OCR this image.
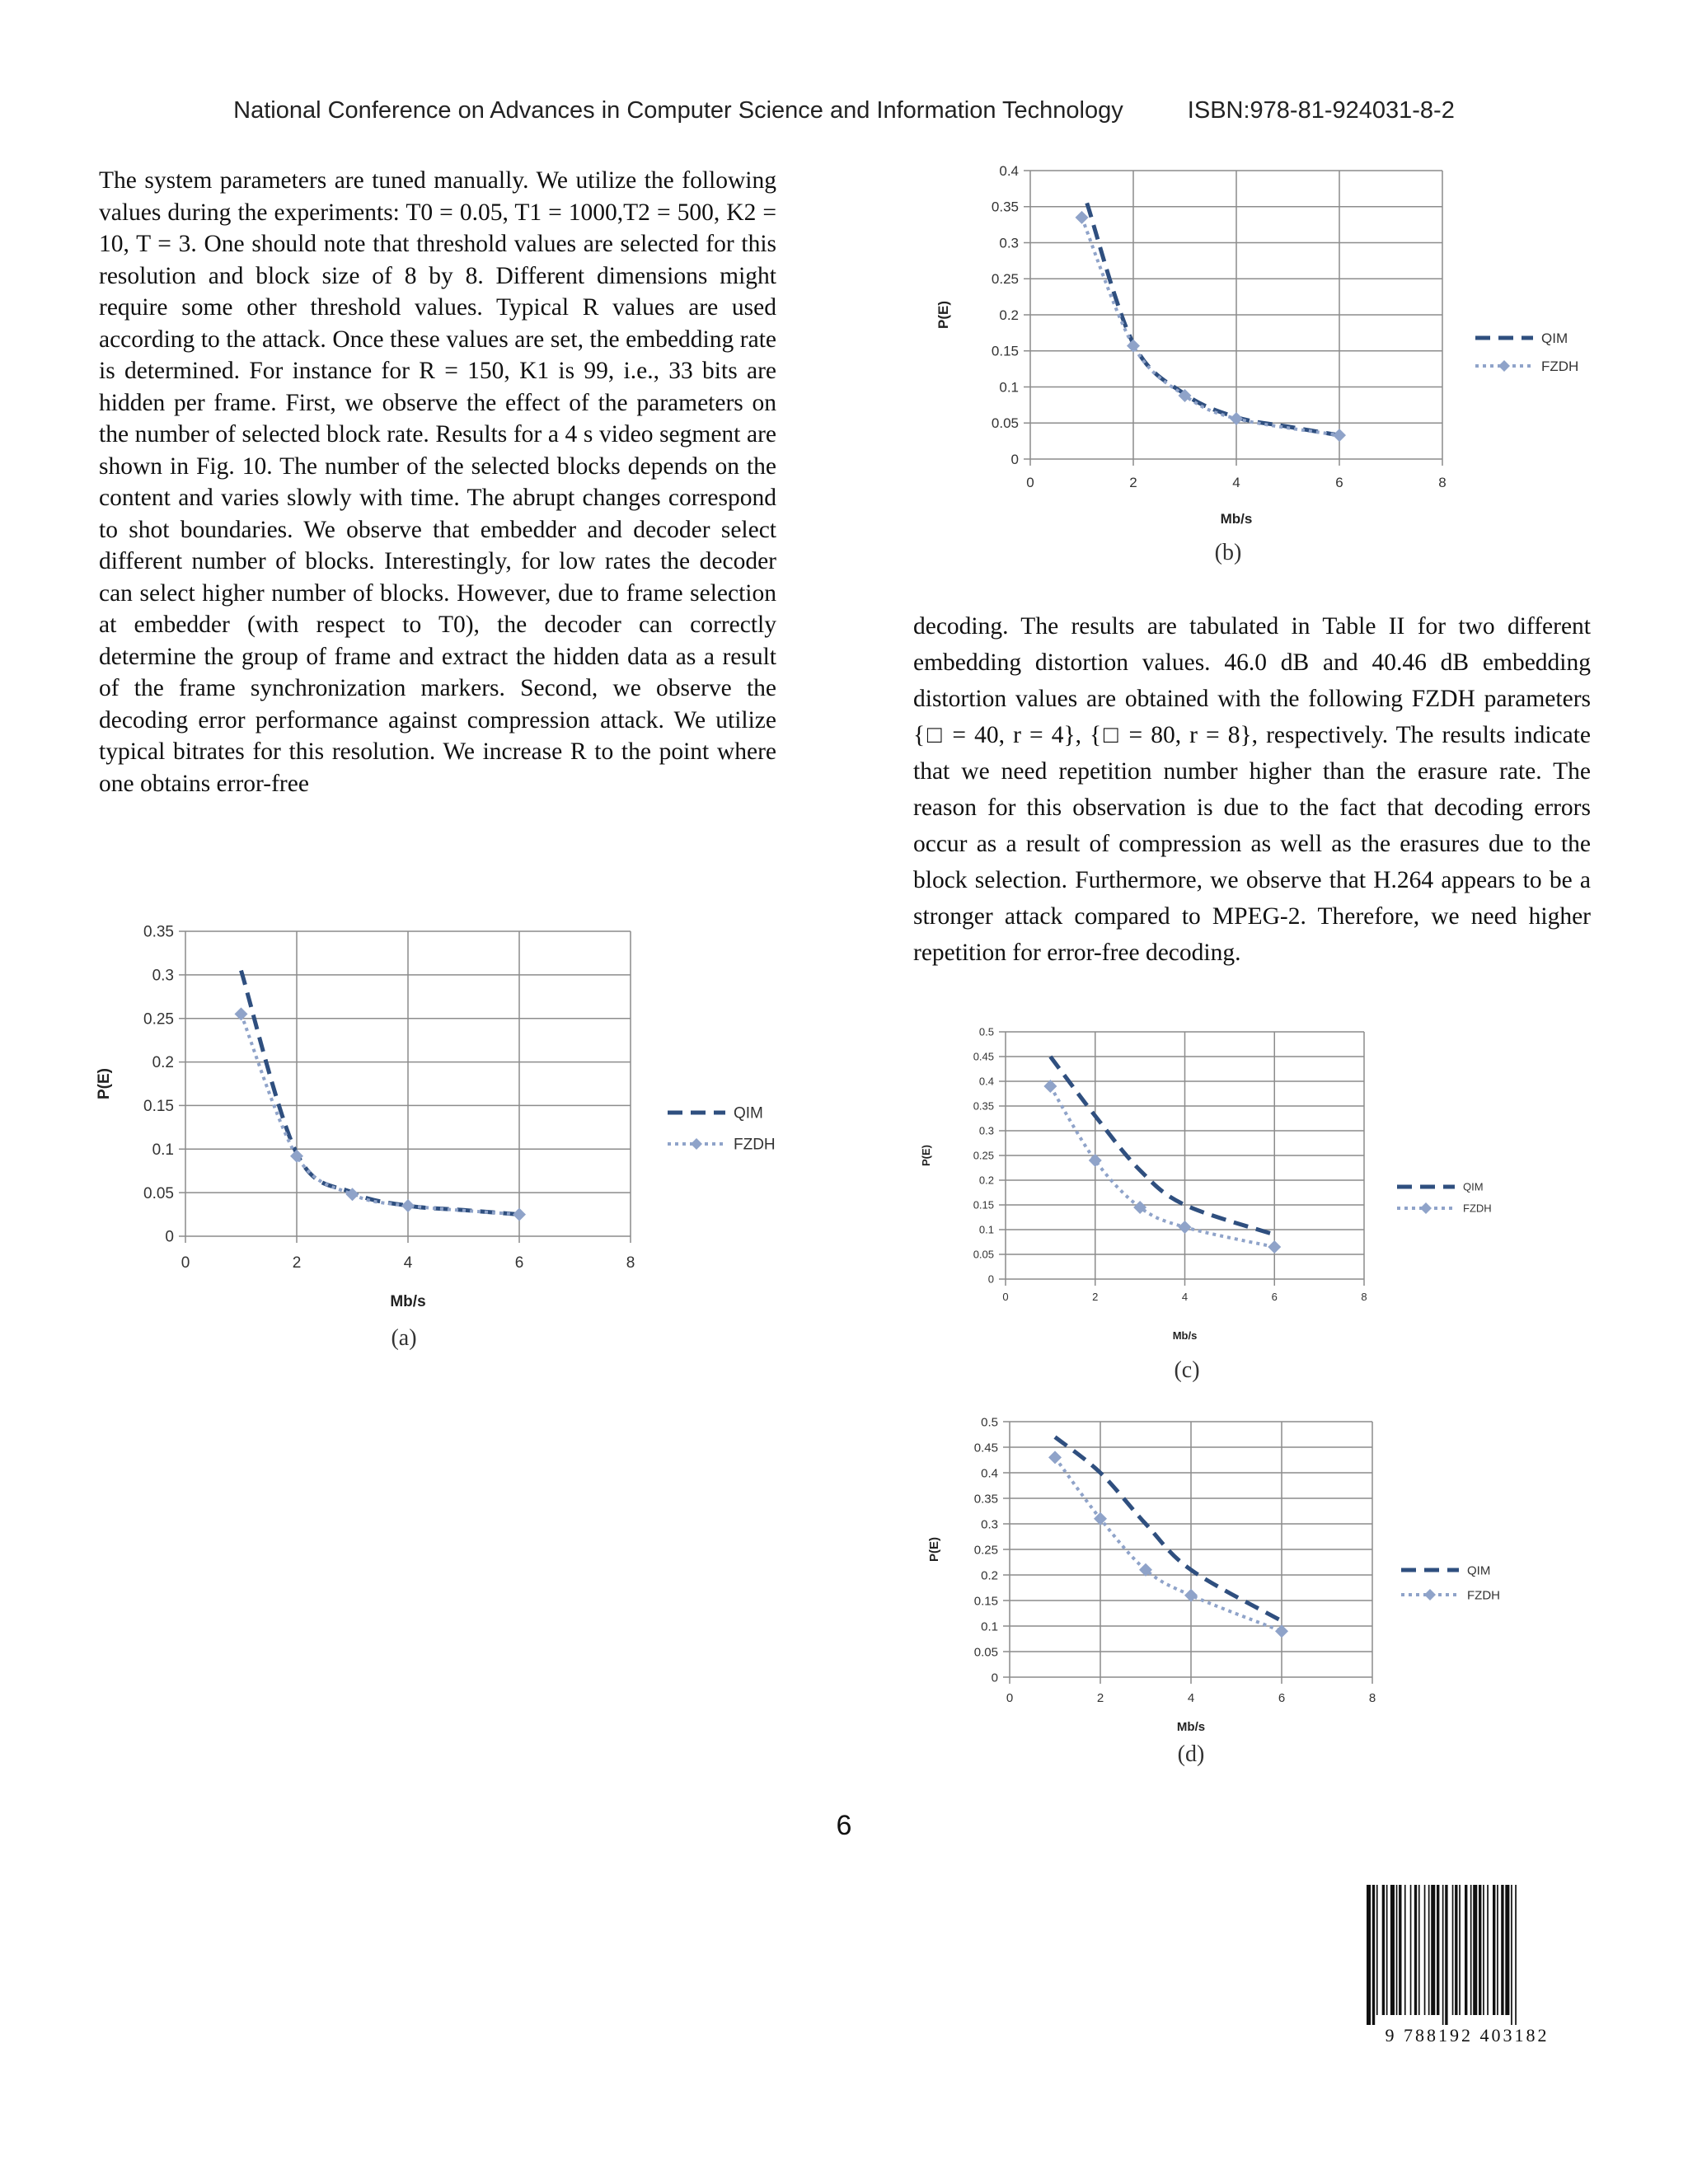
National Conference on Advances in Computer Science and Information Technology	ISBN:978-81-924031-8-2

The system parameters are tuned manually. We utilize the following values during the experiments: T0 = 0.05, T1 = 1000,T2 = 500, K2 = 10, T = 3. One should note that threshold values are selected for this resolution and block size of 8 by 8. Different dimensions might require some other threshold values. Typical R values are used according to the attack. Once these values are set, the embedding rate is determined. For instance for R = 150, K1 is 99, i.e., 33 bits are hidden per frame. First, we observe the effect of the parameters on the number of selected block rate. Results for a 4 s video segment are shown in Fig. 10. The number of the selected blocks depends on the content and varies slowly with time. The abrupt changes correspond to shot boundaries. We observe that embedder and decoder select different number of blocks. Interestingly, for low rates the decoder can select higher number of blocks. However, due to frame selection at embedder (with respect to T0), the decoder can correctly determine the group of frame and extract the hidden data as a result of the frame synchronization markers. Second, we observe the decoding error performance against compression attack. We utilize typical bitrates for this resolution. We increase R to the point where one obtains error-free

decoding. The results are tabulated in Table II for two different embedding distortion values. 46.0 dB and 40.46 dB embedding distortion values are obtained with the following FZDH parameters {□ = 40, r = 4}, {□ = 80, r = 8}, respectively. The results indicate that we need repetition number higher than the erasure rate. The reason for this observation is due to the fact that decoding errors occur as a result of compression as well as the erasures due to the block selection. Furthermore, we observe that H.264 appears to be a stronger attack compared to MPEG-2. Therefore, we need higher repetition for error-free decoding.

0
0.05
0.1
0.15
0.2
0.25
0.3
0.35
0	2	4	6	8
Mb/s
P(E)
QIM
FZDH
(a)
0
0.05
0.1
0.15
0.2
0.25
0.3
0.35
0.4
0	2	4	6	8
Mb/s
P(E)
QIM
FZDH
(b)
0
0.05
0.1
0.15
0.2
0.25
0.3
0.35
0.4
0.45
0.5
0	2	4	6	8
Mb/s
P(E)
QIM
FZDH
(c)
0
0.05
0.1
0.15
0.2
0.25
0.3
0.35
0.4
0.45
0.5
0	2	4	6	8
Mb/s
P(E)
QIM
FZDH
(d)
6
9 788192 403182
